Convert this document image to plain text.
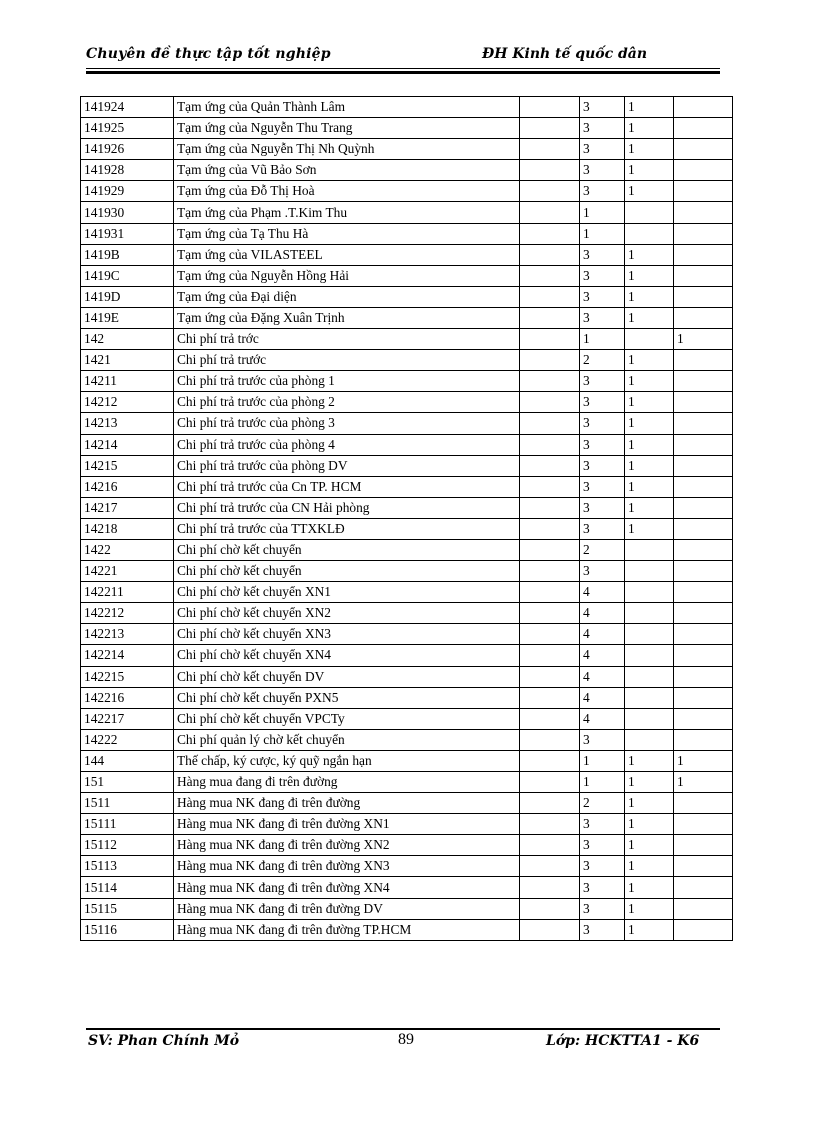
Chuyên đề thực tập tốt nghiệp	ĐH Kinh tế quốc dân
141924	Tạm ứng của Quản Thành Lâm		3	1	
141925	Tạm ứng của Nguyễn Thu Trang		3	1	
141926	Tạm ứng của Nguyễn Thị Nh Quỳnh		3	1	
141928	Tạm ứng của Vũ Bảo Sơn		3	1	
141929	Tạm ứng của Đỗ Thị Hoà		3	1	
141930	Tạm ứng của Phạm .T.Kim Thu		1		
141931	Tạm ứng của Tạ Thu Hà		1		
1419B	Tạm ứng của VILASTEEL		3	1	
1419C	Tạm ứng của Nguyễn Hồng Hải		3	1	
1419D	Tạm ứng của Đại diện		3	1	
1419E	Tạm ứng của Đặng Xuân Trịnh		3	1	
142	Chi phí trả trớc		1		1
1421	Chi phí trả trước		2	1	
14211	Chi phí trả trước của phòng 1		3	1	
14212	Chi phí trả trước của phòng 2		3	1	
14213	Chi phí trả trước của phòng 3		3	1	
14214	Chi phí trả trước của phòng 4		3	1	
14215	Chi phí trả trước của phòng DV		3	1	
14216	Chi phí trả trước của Cn TP. HCM		3	1	
14217	Chi phí trả trước của CN Hải phòng		3	1	
14218	Chi phí trả trước của TTXKLĐ		3	1	
1422	Chi phí chờ kết chuyển		2		
14221	Chi phí chờ kết chuyển		3		
142211	Chi phí chờ kết chuyển XN1		4		
142212	Chi phí chờ kết chuyển XN2		4		
142213	Chi phí chờ kết chuyển XN3		4		
142214	Chi phí chờ kết chuyển XN4		4		
142215	Chi phí chờ kết chuyển DV		4		
142216	Chi phí chờ kết chuyển PXN5		4		
142217	Chi phí chờ kết chuyển VPCTy		4		
14222	Chi phí quản lý chờ kết chuyển		3		
144	Thế chấp, ký cược, ký quỹ ngắn hạn		1	1	1
151	Hàng mua đang đi trên đường		1	1	1
1511	Hàng mua NK đang đi trên đường		2	1	
15111	Hàng mua NK đang đi trên đường XN1		3	1	
15112	Hàng mua NK đang đi trên đường XN2		3	1	
15113	Hàng mua NK đang đi trên đường XN3		3	1	
15114	Hàng mua NK đang đi trên đường XN4		3	1	
15115	Hàng mua NK đang đi trên đường DV		3	1	
15116	Hàng mua NK đang đi trên đường TP.HCM		3	1	
SV: Phan Chính Mỏ	89	Lớp: HCKTTA1 - K6
